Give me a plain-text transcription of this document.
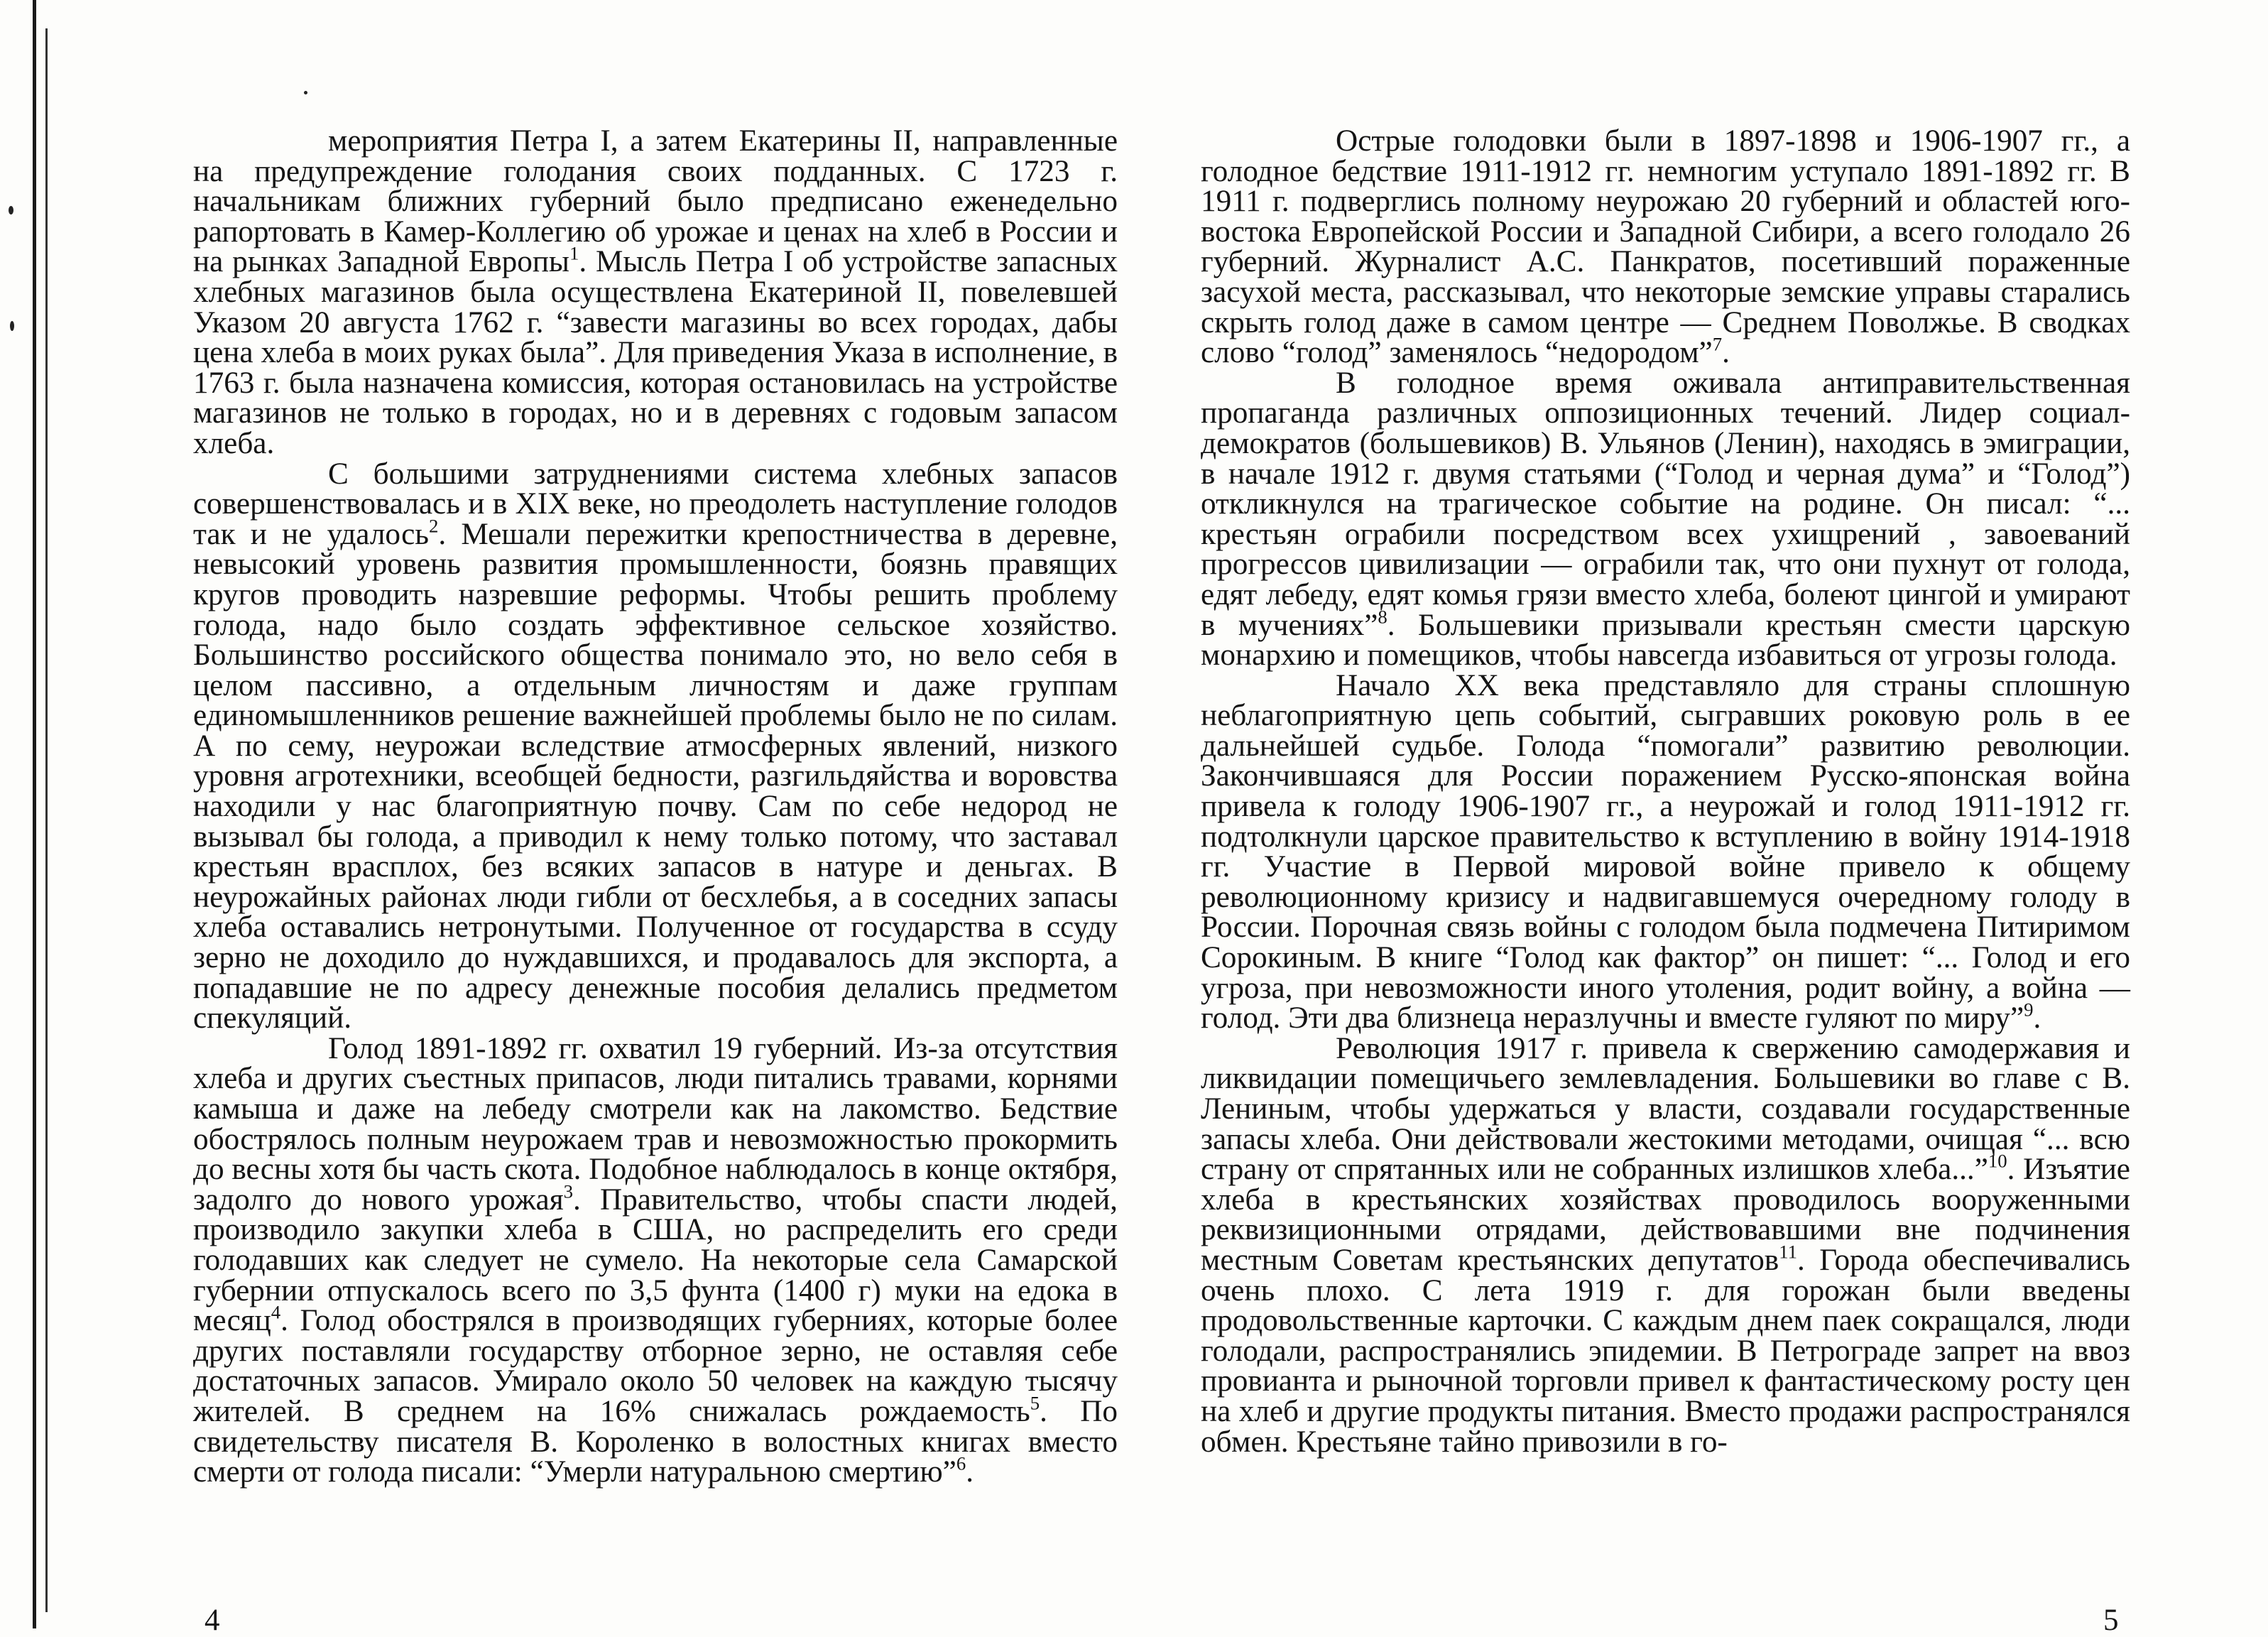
мероприятия Петра I, а затем Екатерины II, направленные на предупреждение голодания своих подданных. С 1723 г. начальникам ближних губерний было предписано еженедельно рапортовать в Камер-Коллегию об урожае и ценах на хлеб в России и на рынках Западной Европы$^1$. Мысль Петра I об устройстве запасных хлебных магазинов была осуществлена Екатериной II, повелевшей Указом 20 августа 1762 г. “завести магазины во всех городах, дабы цена хлеба в моих руках была”. Для приведения Указа в исполнение, в 1763 г. была назначена комиссия, которая остановилась на устройстве магазинов не только в городах, но и в деревнях с годовым запасом хлеба.

С большими затруднениями система хлебных запасов совершенствовалась и в XIX веке, но преодолеть наступление голодов так и не удалось$^2$. Мешали пережитки крепостничества в деревне, невысокий уровень развития промышленности, боязнь правящих кругов проводить назревшие реформы. Чтобы решить проблему голода, надо было создать эффективное сельское хозяйство. Большинство российского общества понимало это, но вело себя в целом пассивно, а отдельным личностям и даже группам единомышленников решение важнейшей проблемы было не по силам. А по сему, неурожаи вследствие атмосферных явлений, низкого уровня агротехники, всеобщей бедности, разгильдяйства и воровства находили у нас благоприятную почву. Сам по себе недород не вызывал бы голода, а приводил к нему только потому, что заставал крестьян врасплох, без всяких запасов в натуре и деньгах. В неурожайных районах люди гибли от бесхлебья, а в соседних запасы хлеба оставались нетронутыми. Полученное от государства в ссуду зерно не доходило до нуждавшихся, и продавалось для экспорта, а попадавшие не по адресу денежные пособия делались предметом спекуляций.

Голод 1891-1892 гг. охватил 19 губерний. Из-за отсутствия хлеба и других съестных припасов, люди питались травами, корнями камыша и даже на лебеду смотрели как на лакомство. Бедствие обострялось полным неурожаем трав и невозможностью прокормить до весны хотя бы часть скота. Подобное наблюдалось в конце октября, задолго до нового урожая$^3$. Правительство, чтобы спасти людей, производило закупки хлеба в США, но распределить его среди голодавших как следует не сумело. На некоторые села Самарской губернии отпускалось всего по 3,5 фунта (1400 г) муки на едока в месяц$^4$. Голод обострялся в производящих губерниях, которые более других поставляли государству отборное зерно, не оставляя себе достаточных запасов. Умирало около 50 человек на каждую тысячу жителей. В среднем на 16% снижалась рождаемость$^5$. По свидетельству писателя В. Короленко в волостных книгах вместо смерти от голода писали: “Умерли натуральною смертию”$^6$.

Острые голодовки были в 1897-1898 и 1906-1907 гг., а голодное бедствие 1911-1912 гг. немногим уступало 1891-1892 гг. В 1911 г. подверглись полному неурожаю 20 губерний и областей юго-востока Европейской России и Западной Сибири, а всего голодало 26 губерний. Журналист А.С. Панкратов, посетивший пораженные засухой места, рассказывал, что некоторые земские управы старались скрыть голод даже в самом центре — Среднем Поволжье. В сводках слово “голод” заменялось “недородом”$^7$.

В голодное время оживала антиправительственная пропаганда различных оппозиционных течений. Лидер социал-демократов (большевиков) В. Ульянов (Ленин), находясь в эмиграции, в начале 1912 г. двумя статьями (“Голод и черная дума” и “Голод”) откликнулся на трагическое событие на родине. Он писал: “... крестьян ограбили посредством всех ухищрений , завоеваний прогрессов цивилизации — ограбили так, что они пухнут от голода, едят лебеду, едят комья грязи вместо хлеба, болеют цингой и умирают в мучениях”$^8$. Большевики призывали крестьян смести царскую монархию и помещиков, чтобы навсегда избавиться от угрозы голода.

Начало XX века представляло для страны сплошную неблагоприятную цепь событий, сыгравших роковую роль в ее дальнейшей судьбе. Голода “помогали” развитию революции. Закончившаяся для России поражением Русско-японская война привела к голоду 1906-1907 гг., а неурожай и голод 1911-1912 гг. подтолкнули царское правительство к вступлению в войну 1914-1918 гг. Участие в Первой мировой войне привело к общему революционному кризису и надвигавшемуся очередному голоду в России. Порочная связь войны с голодом была подмечена Питиримом Сорокиным. В книге “Голод как фактор” он пишет: “... Голод и его угроза, при невозможности иного утоления, родит войну, а война — голод. Эти два близнеца неразлучны и вместе гуляют по миру”$^9$.

Революция 1917 г. привела к свержению самодержавия и ликвидации помещичьего землевладения. Большевики во главе с В. Лениным, чтобы удержаться у власти, создавали государственные запасы хлеба. Они действовали жестокими методами, очищая “... всю страну от спрятанных или не собранных излишков хлеба...”$^{10}$. Изъятие хлеба в крестьянских хозяйствах проводилось вооруженными реквизиционными отрядами, действовавшими вне подчинения местным Советам крестьянских депутатов$^{11}$. Города обеспечивались очень плохо. С лета 1919 г. для горожан были введены продовольственные карточки. С каждым днем паек сокращался, люди голодали, распространялись эпидемии. В Петрограде запрет на ввоз провианта и рыночной торговли привел к фантастическому росту цен на хлеб и другие продукты питания. Вместо продажи распространялся обмен. Крестьяне тайно привозили в го-

4	5
